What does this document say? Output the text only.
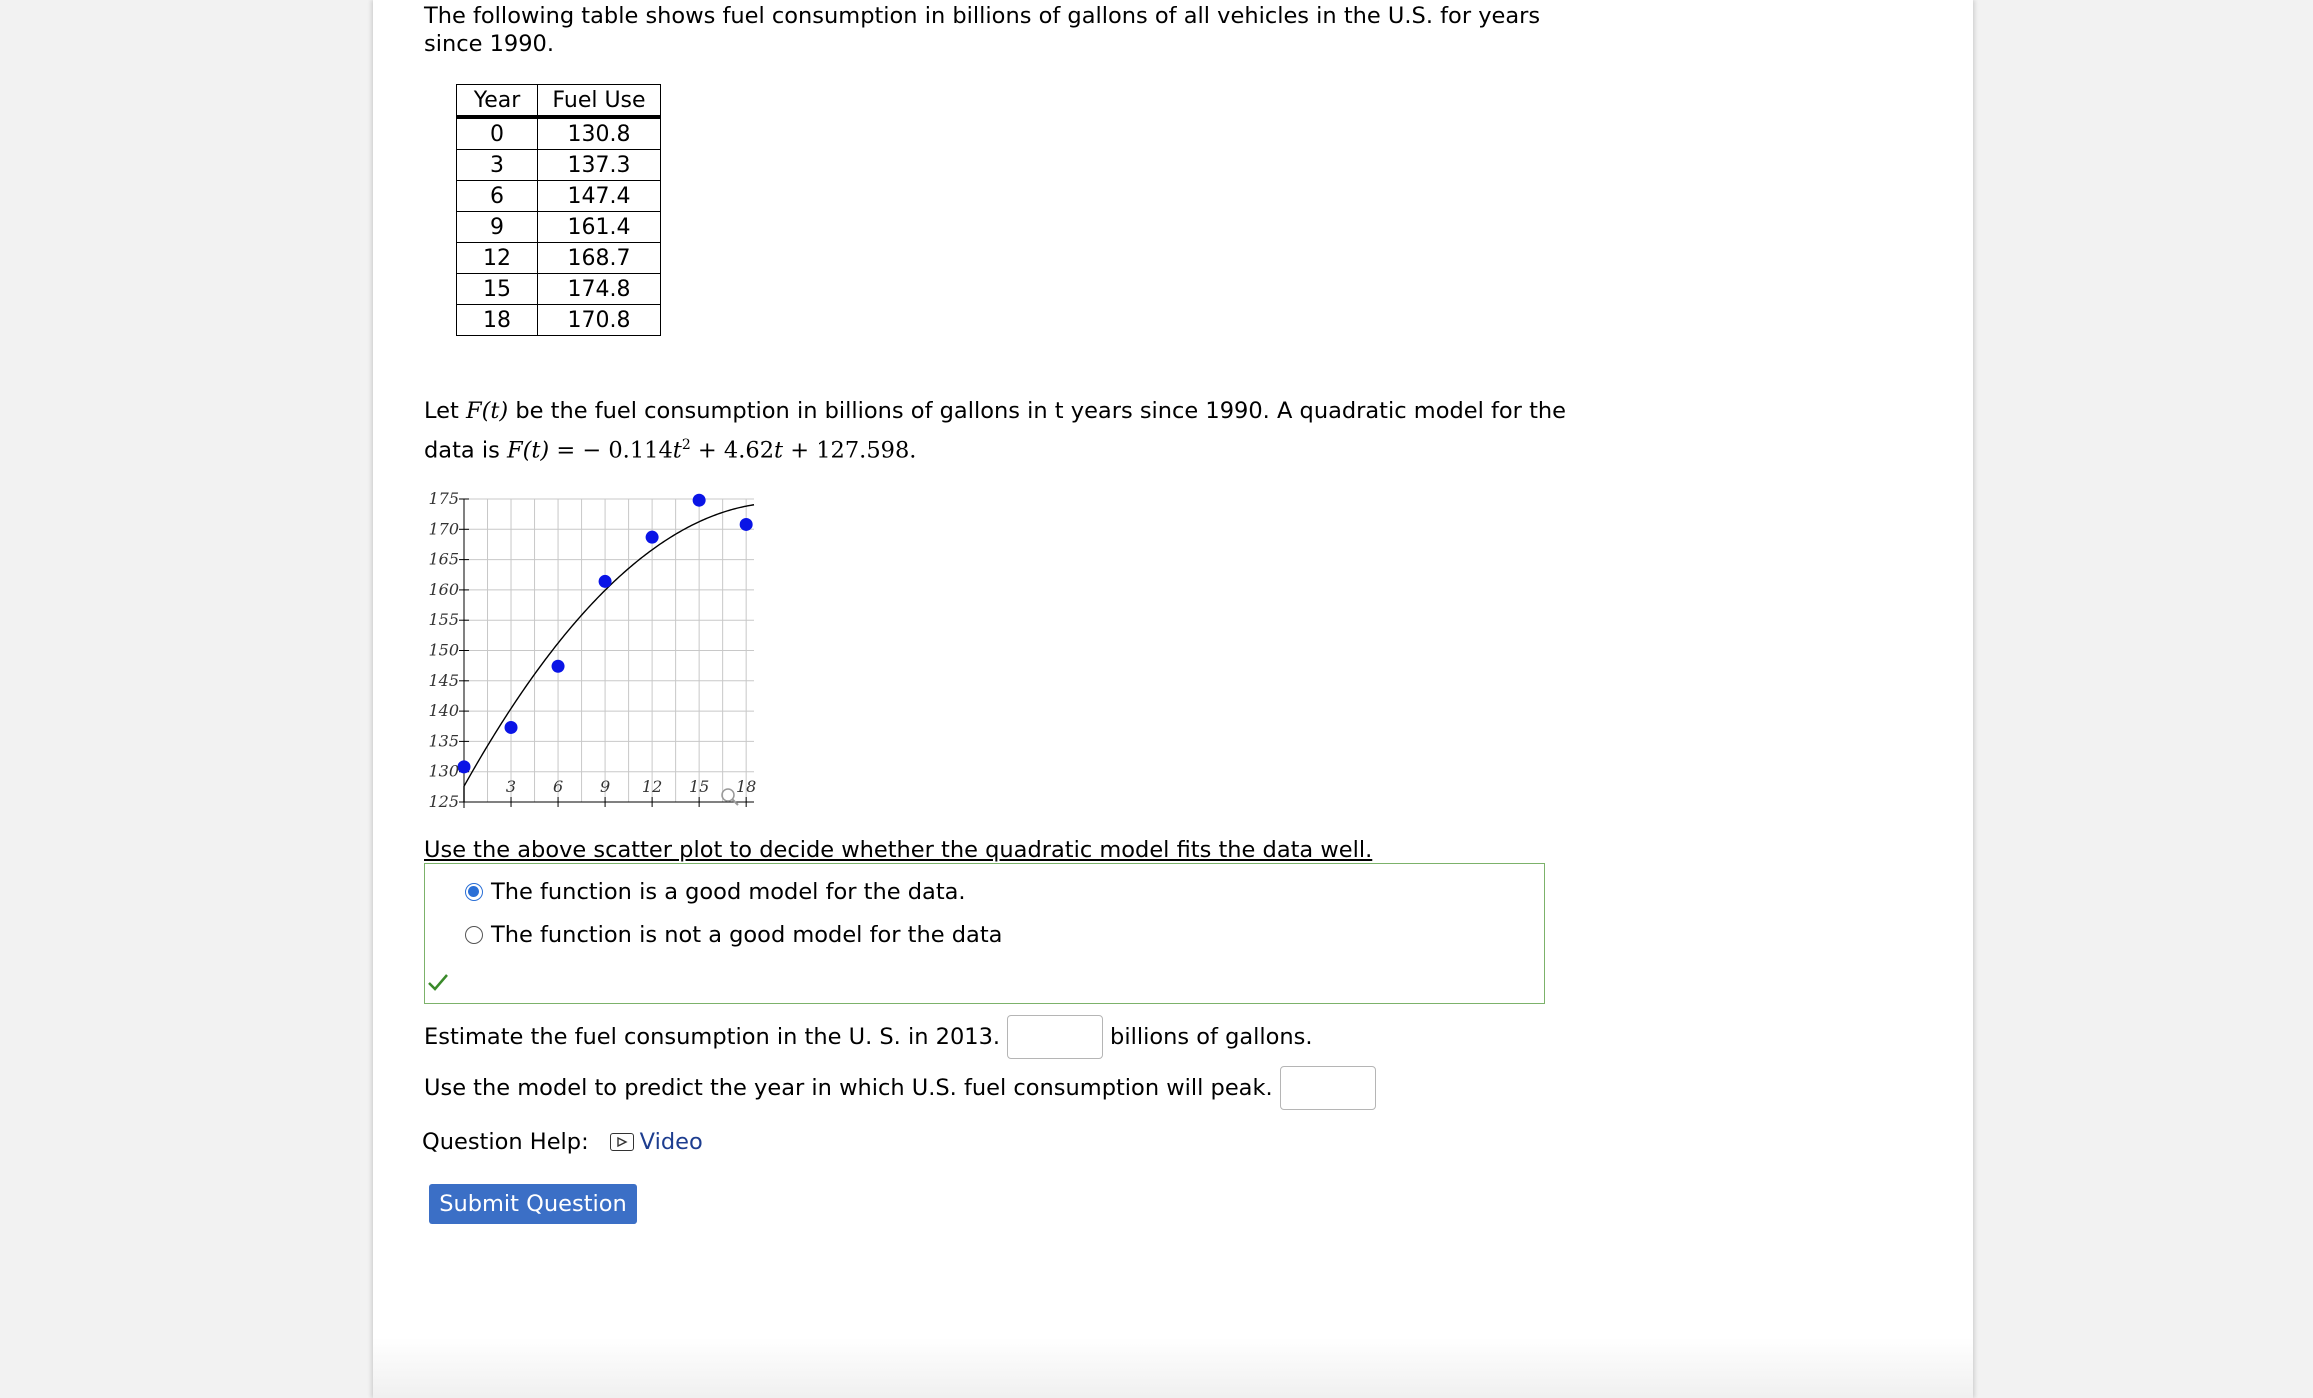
The following table shows fuel consumption in billions of gallons of all vehicles in the U.S. for years since 1990.
Year	Fuel Use
0	130.8
3	137.3
6	147.4
9	161.4
12	168.7
15	174.8
18	170.8
Let F(t) be the fuel consumption in billions of gallons in t years since 1990. A quadratic model for the data is F(t) = − $0.114t^2 + 4.62t + 127.598$.
125
130
135
140
145
150
155
160
165
170
175
3 6 9 12 15 18
Use the above scatter plot to decide whether the quadratic model fits the data well.
The function is a good model for the data.
The function is not a good model for the data
Estimate the fuel consumption in the U. S. in 2013.	billions of gallons.
Use the model to predict the year in which U.S. fuel consumption will peak.
Question Help: Video
Submit Question
